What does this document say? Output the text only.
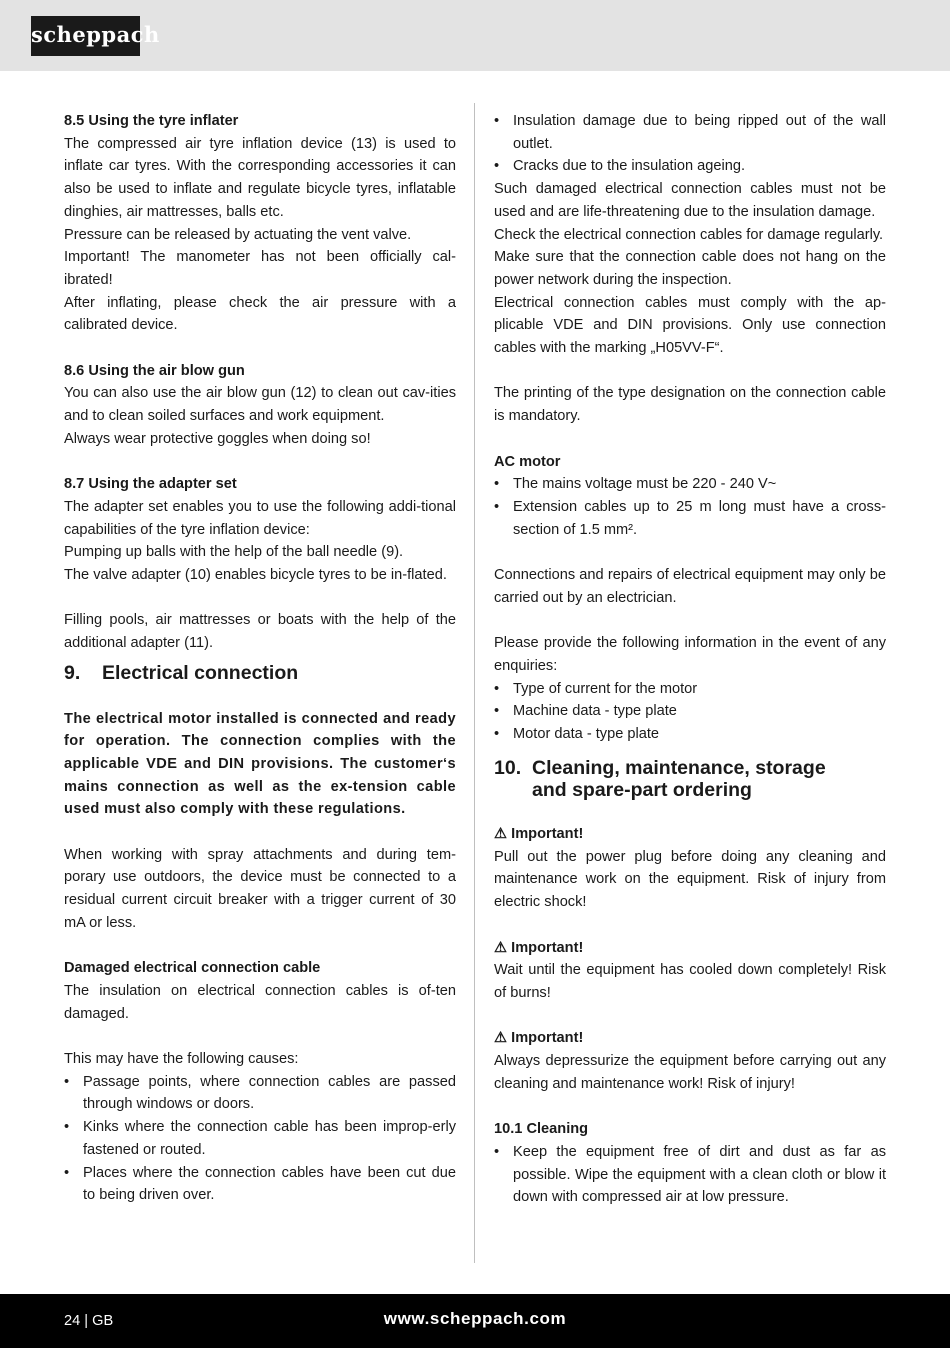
scheppach
8.5 Using the tyre inflater

The compressed air tyre inflation device (13) is used to inflate car tyres. With the corresponding accessories it can also be used to inflate and regulate bicycle tyres, inflatable dinghies, air mattresses, balls etc.

Pressure can be released by actuating the vent valve.

Important! The manometer has not been officially cal-ibrated!

After inflating, please check the air pressure with a calibrated device.

8.6 Using the air blow gun

You can also use the air blow gun (12) to clean out cav-ities and to clean soiled surfaces and work equipment.

Always wear protective goggles when doing so!

8.7 Using the adapter set

The adapter set enables you to use the following addi-tional capabilities of the tyre inflation device:

Pumping up balls with the help of the ball needle (9).

The valve adapter (10) enables bicycle tyres to be in-flated.

Filling pools, air mattresses or boats with the help of the additional adapter (11).

9.	Electrical connection

The electrical motor installed is connected and ready for operation. The connection complies with the applicable VDE and DIN provisions. The customer‘s mains connection as well as the ex-tension cable used must also comply with these regulations.

When working with spray attachments and during tem-porary use outdoors, the device must be connected to a residual current circuit breaker with a trigger current of 30 mA or less.

Damaged electrical connection cable

The insulation on electrical connection cables is of-ten damaged.

This may have the following causes:

• Passage points, where connection cables are passed through windows or doors.
• Kinks where the connection cable has been improp-erly fastened or routed.
• Places where the connection cables have been cut due to being driven over.
• Insulation damage due to being ripped out of the wall outlet.
• Cracks due to the insulation ageing.

Such damaged electrical connection cables must not be used and are life-threatening due to the insulation damage.

Check the electrical connection cables for damage regularly.

Make sure that the connection cable does not hang on the power network during the inspection.

Electrical connection cables must comply with the ap-plicable VDE and DIN provisions. Only use connection cables with the marking „H05VV-F“.

The printing of the type designation on the connection cable is mandatory.

AC motor
• The mains voltage must be 220 - 240 V~
• Extension cables up to 25 m long must have a cross-section of 1.5 mm².

Connections and repairs of electrical equipment may only be carried out by an electrician.

Please provide the following information in the event of any enquiries:

• Type of current for the motor
• Machine data - type plate
• Motor data - type plate
10. Cleaning, maintenance, storage
and spare-part ordering
⚠ Important!

Pull out the power plug before doing any cleaning and maintenance work on the equipment. Risk of injury from electric shock!

⚠ Important!

Wait until the equipment has cooled down completely! Risk of burns!

⚠ Important!

Always depressurize the equipment before carrying out any cleaning and maintenance work! Risk of injury!

10.1 Cleaning
• Keep the equipment free of dirt and dust as far as possible. Wipe the equipment with a clean cloth or blow it down with compressed air at low pressure.
24 | GB	www.scheppach.com
